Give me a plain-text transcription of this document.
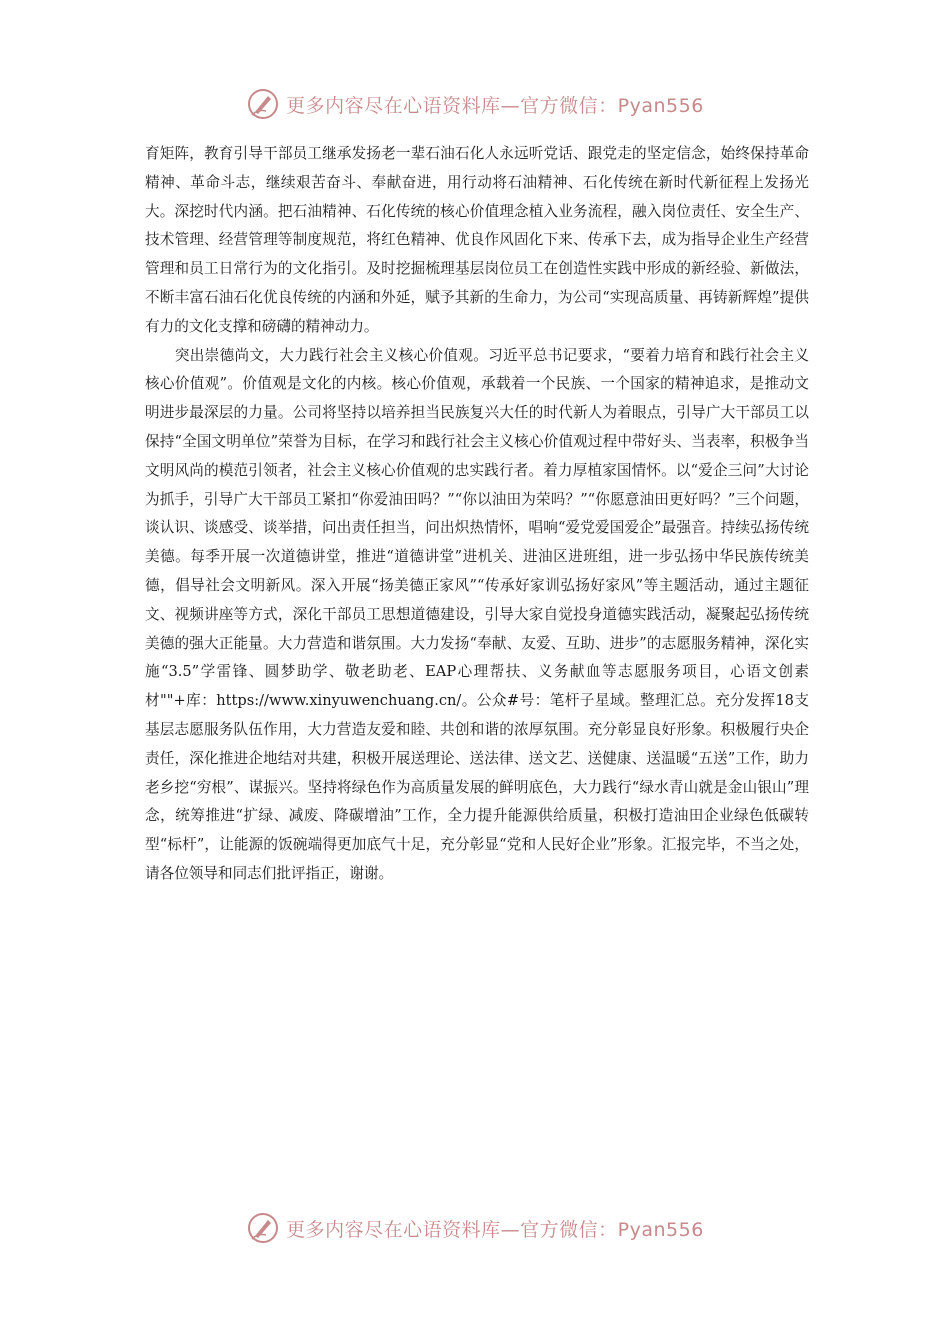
更多内容尽在心语资料库—官方微信：Pyan556

育矩阵，教育引导干部员工继承发扬老一辈石油石化人永远听党话、跟党走的坚定信念，始终保持革命精神、革命斗志，继续艰苦奋斗、奉献奋进，用行动将石油精神、石化传统在新时代新征程上发扬光大。深挖时代内涵。把石油精神、石化传统的核心价值理念植入业务流程，融入岗位责任、安全生产、技术管理、经营管理等制度规范，将红色精神、优良作风固化下来、传承下去，成为指导企业生产经营管理和员工日常行为的文化指引。及时挖掘梳理基层岗位员工在创造性实践中形成的新经验、新做法，不断丰富石油石化优良传统的内涵和外延，赋予其新的生命力，为公司“实现高质量、再铸新辉煌”提供有力的文化支撑和磅礴的精神动力。

　　突出崇德尚文，大力践行社会主义核心价值观。习近平总书记要求，“要着力培育和践行社会主义核心价值观”。价值观是文化的内核。核心价值观，承载着一个民族、一个国家的精神追求，是推动文明进步最深层的力量。公司将坚持以培养担当民族复兴大任的时代新人为着眼点，引导广大干部员工以保持“全国文明单位”荣誉为目标，在学习和践行社会主义核心价值观过程中带好头、当表率，积极争当文明风尚的模范引领者，社会主义核心价值观的忠实践行者。着力厚植家国情怀。以“爱企三问”大讨论为抓手，引导广大干部员工紧扣“你爱油田吗？”“你以油田为荣吗？”“你愿意油田更好吗？”三个问题，谈认识、谈感受、谈举措，问出责任担当，问出炽热情怀，唱响“爱党爱国爱企”最强音。持续弘扬传统美德。每季开展一次道德讲堂，推进“道德讲堂”进机关、进油区进班组，进一步弘扬中华民族传统美德，倡导社会文明新风。深入开展“扬美德正家风”“传承好家训弘扬好家风”等主题活动，通过主题征文、视频讲座等方式，深化干部员工思想道德建设，引导大家自觉投身道德实践活动，凝聚起弘扬传统美德的强大正能量。大力营造和谐氛围。大力发扬“奉献、友爱、互助、进步”的志愿服务精神，深化实施“3.5”学雷锋、圆梦助学、敬老助老、EAP心理帮扶、义务献血等志愿服务项目，心语文创素材""+库：https://www.xinyuwenchuang.cn/。公众#号：笔杆子星域。整理汇总。充分发挥18支基层志愿服务队伍作用，大力营造友爱和睦、共创和谐的浓厚氛围。充分彰显良好形象。积极履行央企责任，深化推进企地结对共建，积极开展送理论、送法律、送文艺、送健康、送温暖“五送”工作，助力老乡挖“穷根”、谋振兴。坚持将绿色作为高质量发展的鲜明底色，大力践行“绿水青山就是金山银山”理念，统筹推进“扩绿、减废、降碳增油”工作，全力提升能源供给质量，积极打造油田企业绿色低碳转型“标杆”，让能源的饭碗端得更加底气十足，充分彰显“党和人民好企业”形象。汇报完毕，不当之处，请各位领导和同志们批评指正，谢谢。

更多内容尽在心语资料库—官方微信：Pyan556
